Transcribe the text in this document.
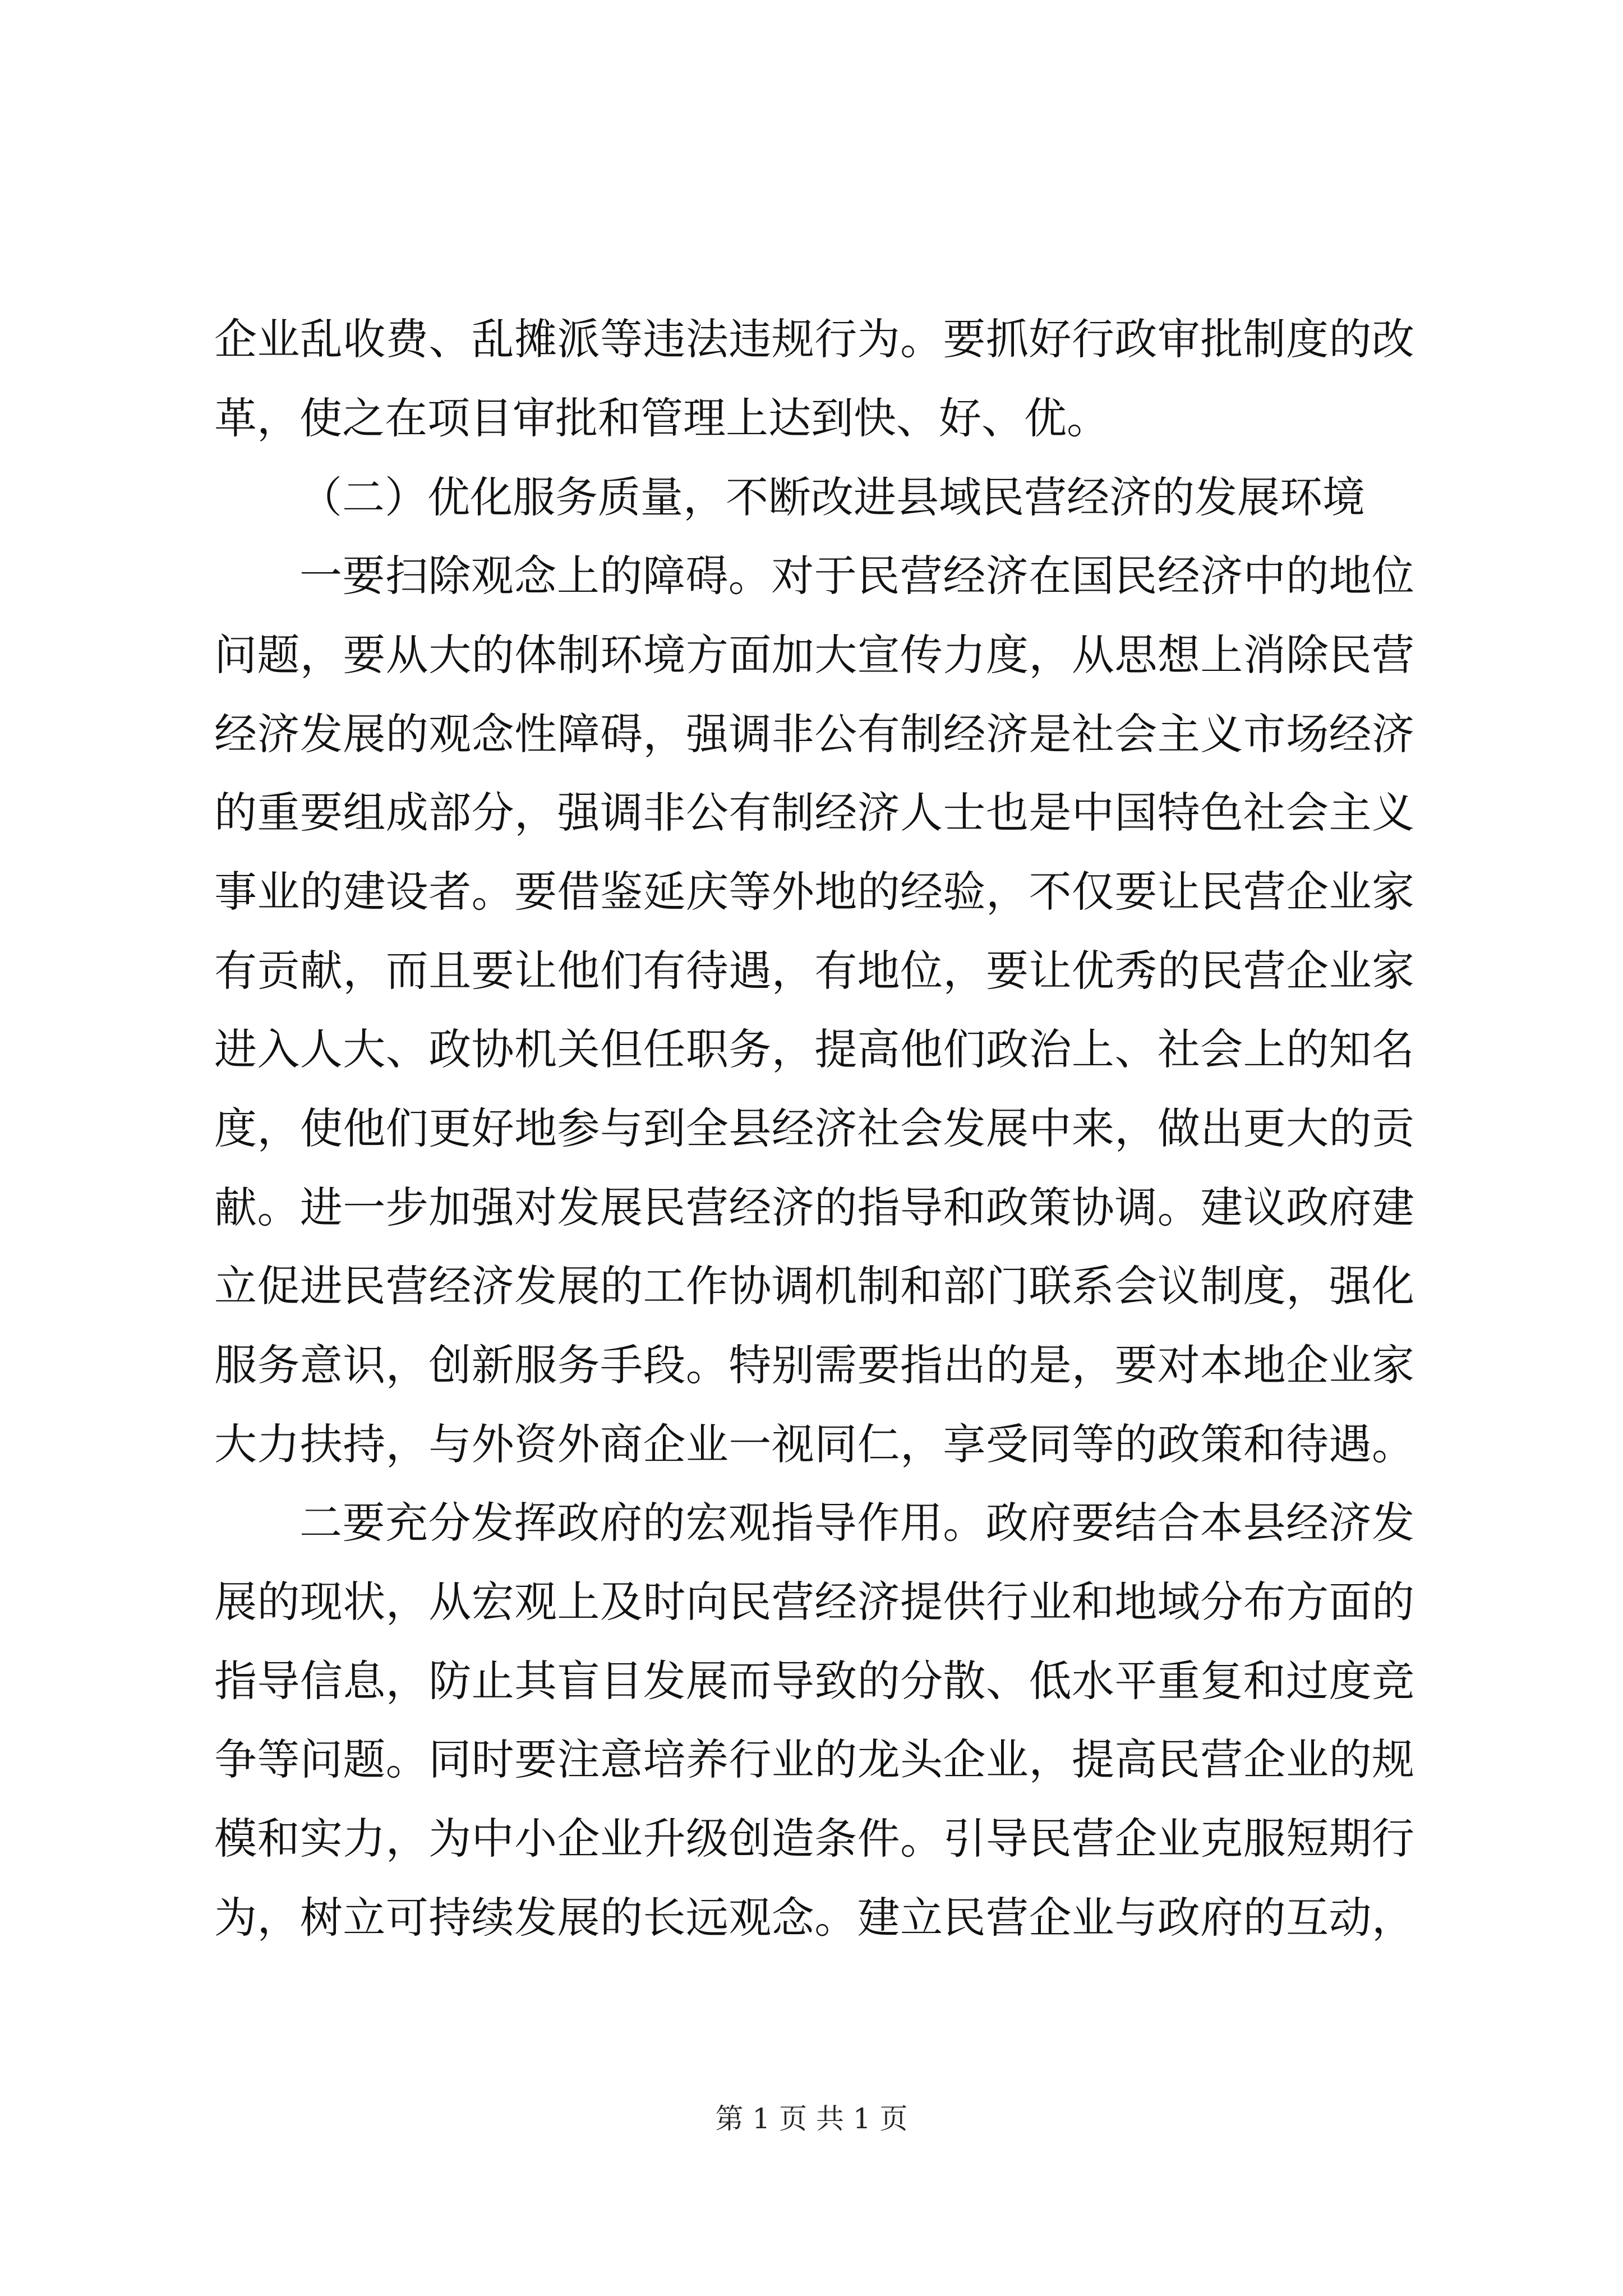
企业乱收费、乱摊派等违法违规行为。要抓好行政审批制度的改
革，使之在项目审批和管理上达到快、好、优。
（二）优化服务质量，不断改进县域民营经济的发展环境
一要扫除观念上的障碍。对于民营经济在国民经济中的地位
问题，要从大的体制环境方面加大宣传力度，从思想上消除民营
经济发展的观念性障碍，强调非公有制经济是社会主义市场经济
的重要组成部分，强调非公有制经济人士也是中国特色社会主义
事业的建设者。要借鉴延庆等外地的经验，不仅要让民营企业家
有贡献，而且要让他们有待遇，有地位，要让优秀的民营企业家
进入人大、政协机关但任职务，提高他们政治上、社会上的知名
度，使他们更好地参与到全县经济社会发展中来，做出更大的贡
献。进一步加强对发展民营经济的指导和政策协调。建议政府建
立促进民营经济发展的工作协调机制和部门联系会议制度，强化
服务意识，创新服务手段。特别需要指出的是，要对本地企业家
大力扶持，与外资外商企业一视同仁，享受同等的政策和待遇。
二要充分发挥政府的宏观指导作用。政府要结合本县经济发
展的现状，从宏观上及时向民营经济提供行业和地域分布方面的
指导信息，防止其盲目发展而导致的分散、低水平重复和过度竞
争等问题。同时要注意培养行业的龙头企业，提高民营企业的规
模和实力，为中小企业升级创造条件。引导民营企业克服短期行
为，树立可持续发展的长远观念。建立民营企业与政府的互动，
第 1 页 共 1 页
